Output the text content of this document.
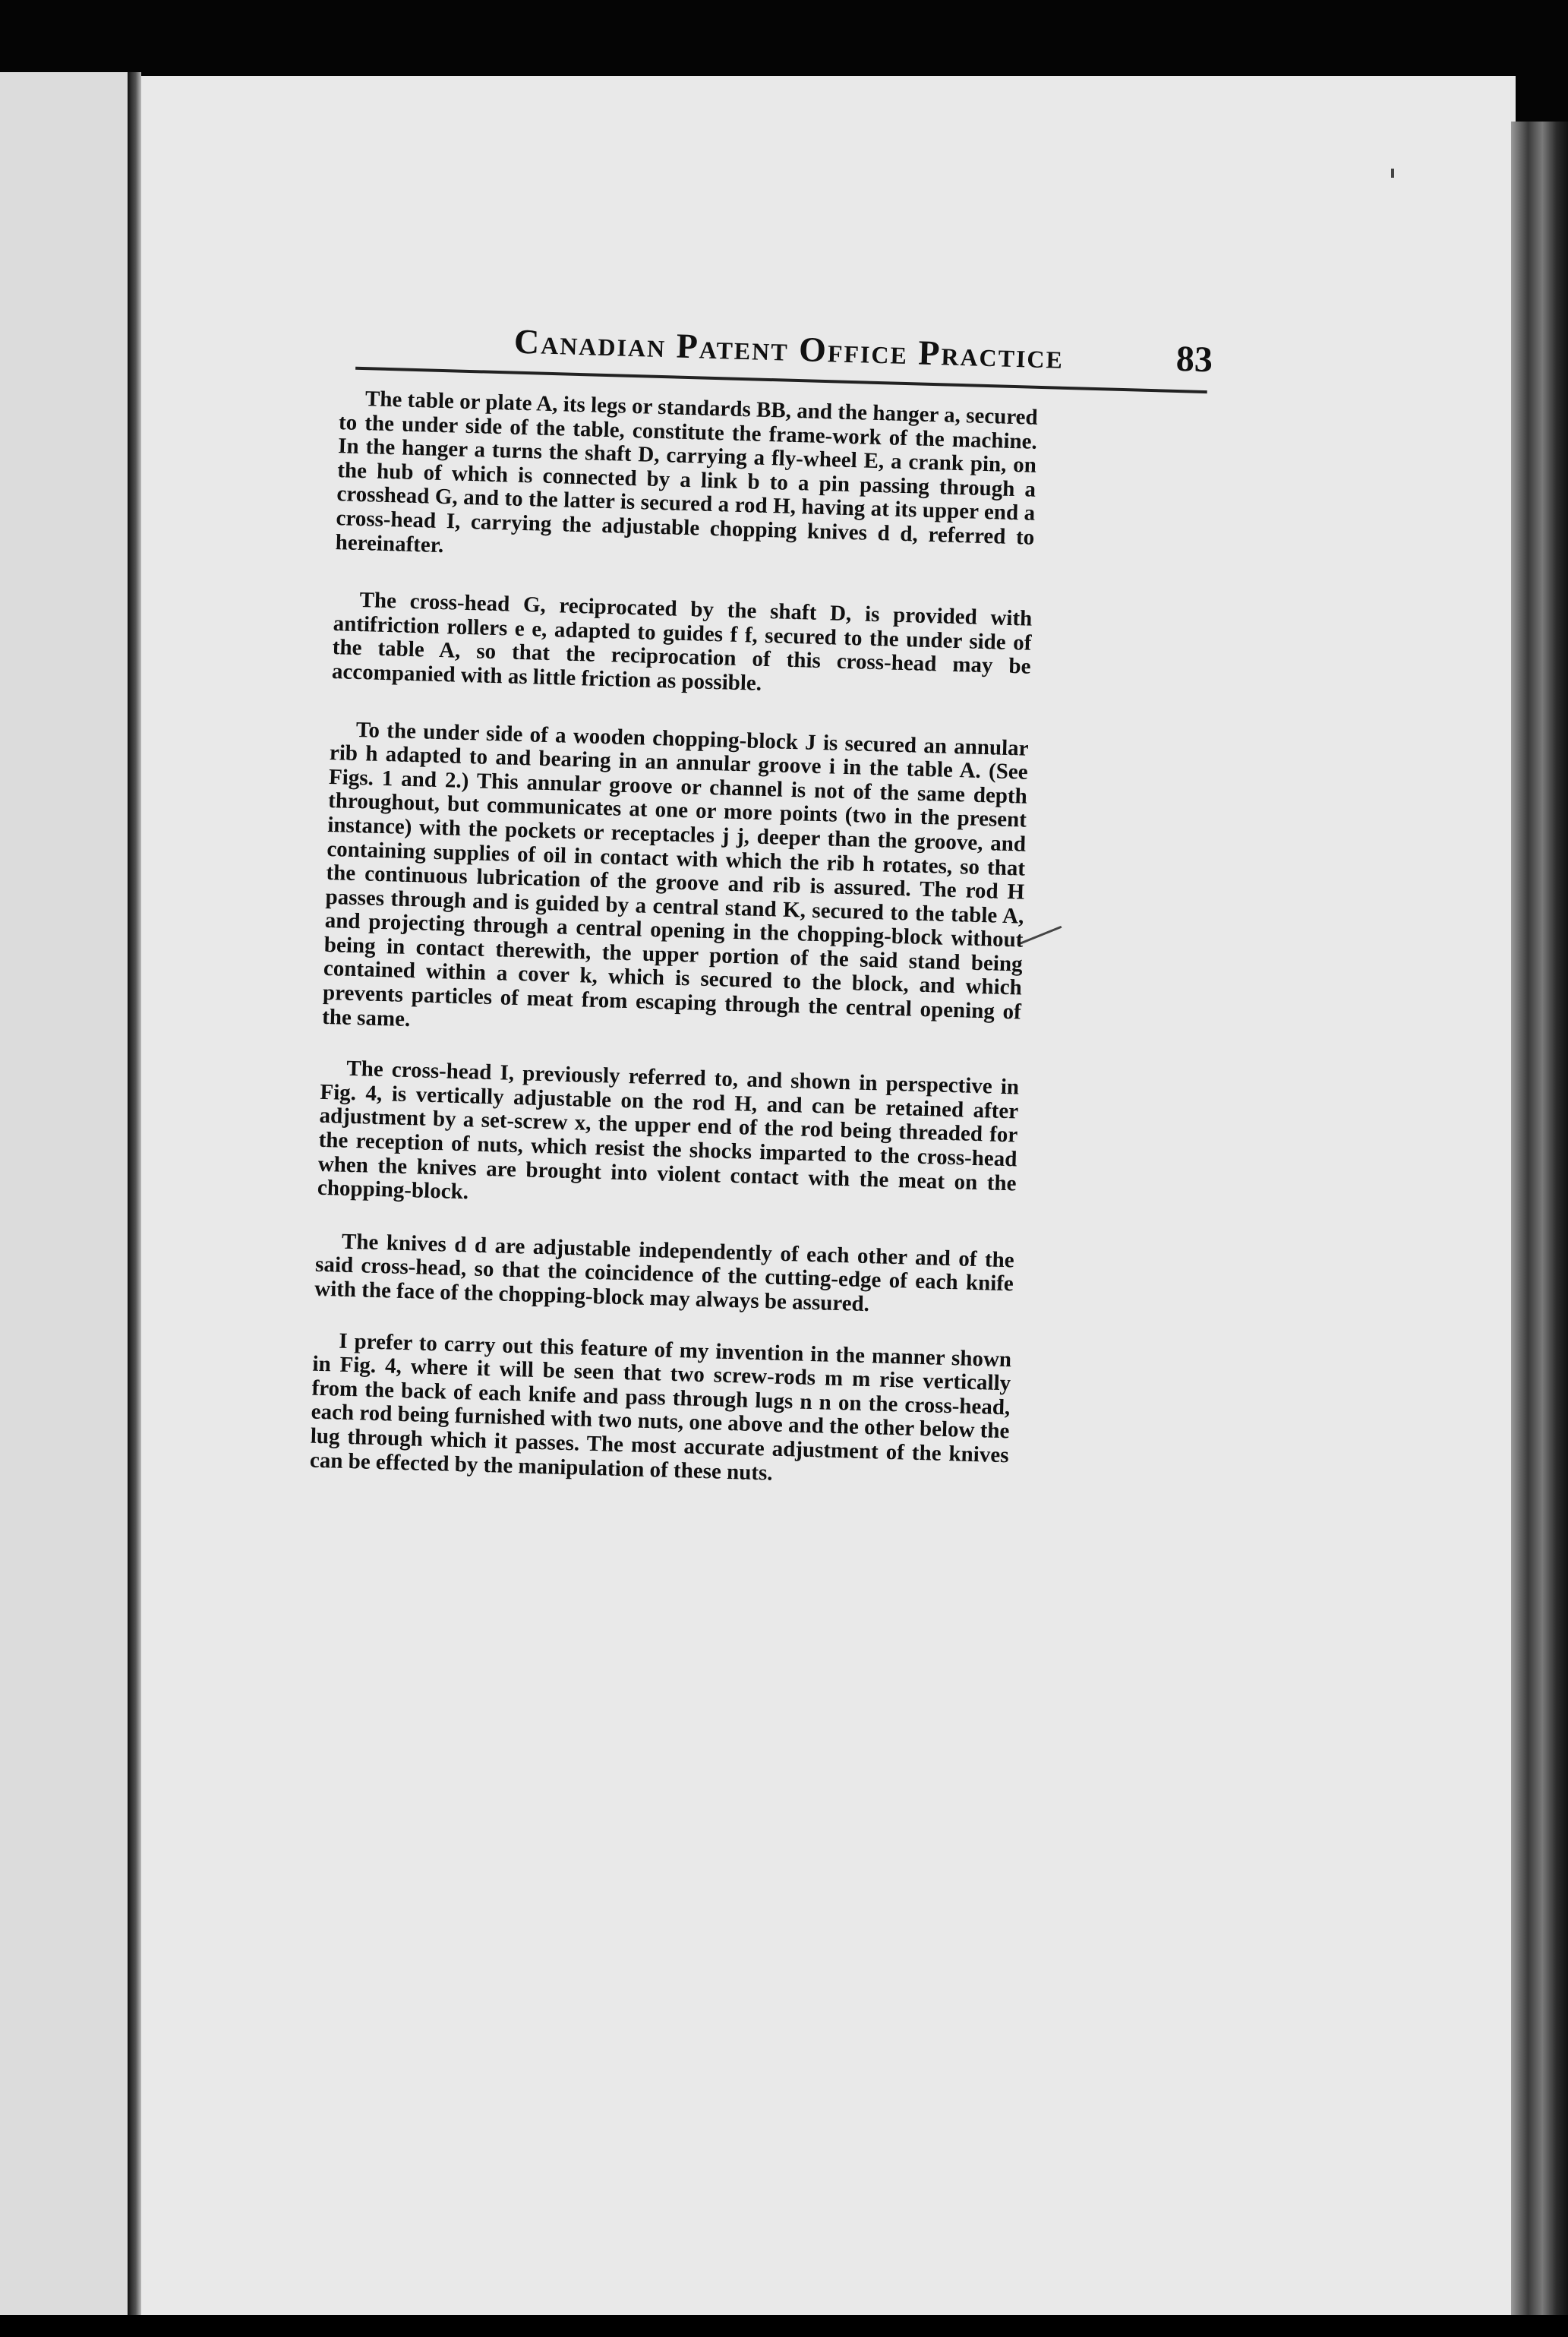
Canadian Patent Office Practice	83

The table or plate A, its legs or standards BB, and the hanger a, secured to the under side of the table, constitute the frame-work of the machine. In the hanger a turns the shaft D, carrying a fly-wheel E, a crank pin, on the hub of which is connected by a link b to a pin passing through a crosshead G, and to the latter is secured a rod H, having at its upper end a cross-head I, carrying the adjustable chopping knives d d, referred to hereinafter.

The cross-head G, reciprocated by the shaft D, is provided with antifriction rollers e e, adapted to guides f f, secured to the under side of the table A, so that the reciprocation of this cross-head may be accompanied with as little friction as possible.

To the under side of a wooden chopping-block J is secured an annular rib h adapted to and bearing in an annular groove i in the table A. (See Figs. 1 and 2.) This annular groove or channel is not of the same depth throughout, but communicates at one or more points (two in the present instance) with the pockets or receptacles j j, deeper than the groove, and containing supplies of oil in contact with which the rib h rotates, so that the continuous lubrication of the groove and rib is assured. The rod H passes through and is guided by a central stand K, secured to the table A, and projecting through a central opening in the chopping-block without being in contact therewith, the upper portion of the said stand being contained within a cover k, which is secured to the block, and which prevents particles of meat from escaping through the central opening of the same.

The cross-head I, previously referred to, and shown in perspective in Fig. 4, is vertically adjustable on the rod H, and can be retained after adjustment by a set-screw x, the upper end of the rod being threaded for the reception of nuts, which resist the shocks imparted to the cross-head when the knives are brought into violent contact with the meat on the chopping-block.

The knives d d are adjustable independently of each other and of the said cross-head, so that the coincidence of the cutting-edge of each knife with the face of the chopping-block may always be assured.

I prefer to carry out this feature of my invention in the manner shown in Fig. 4, where it will be seen that two screw-rods m m rise vertically from the back of each knife and pass through lugs n n on the cross-head, each rod being furnished with two nuts, one above and the other below the lug through which it passes. The most accurate adjustment of the knives can be effected by the manipulation of these nuts.
